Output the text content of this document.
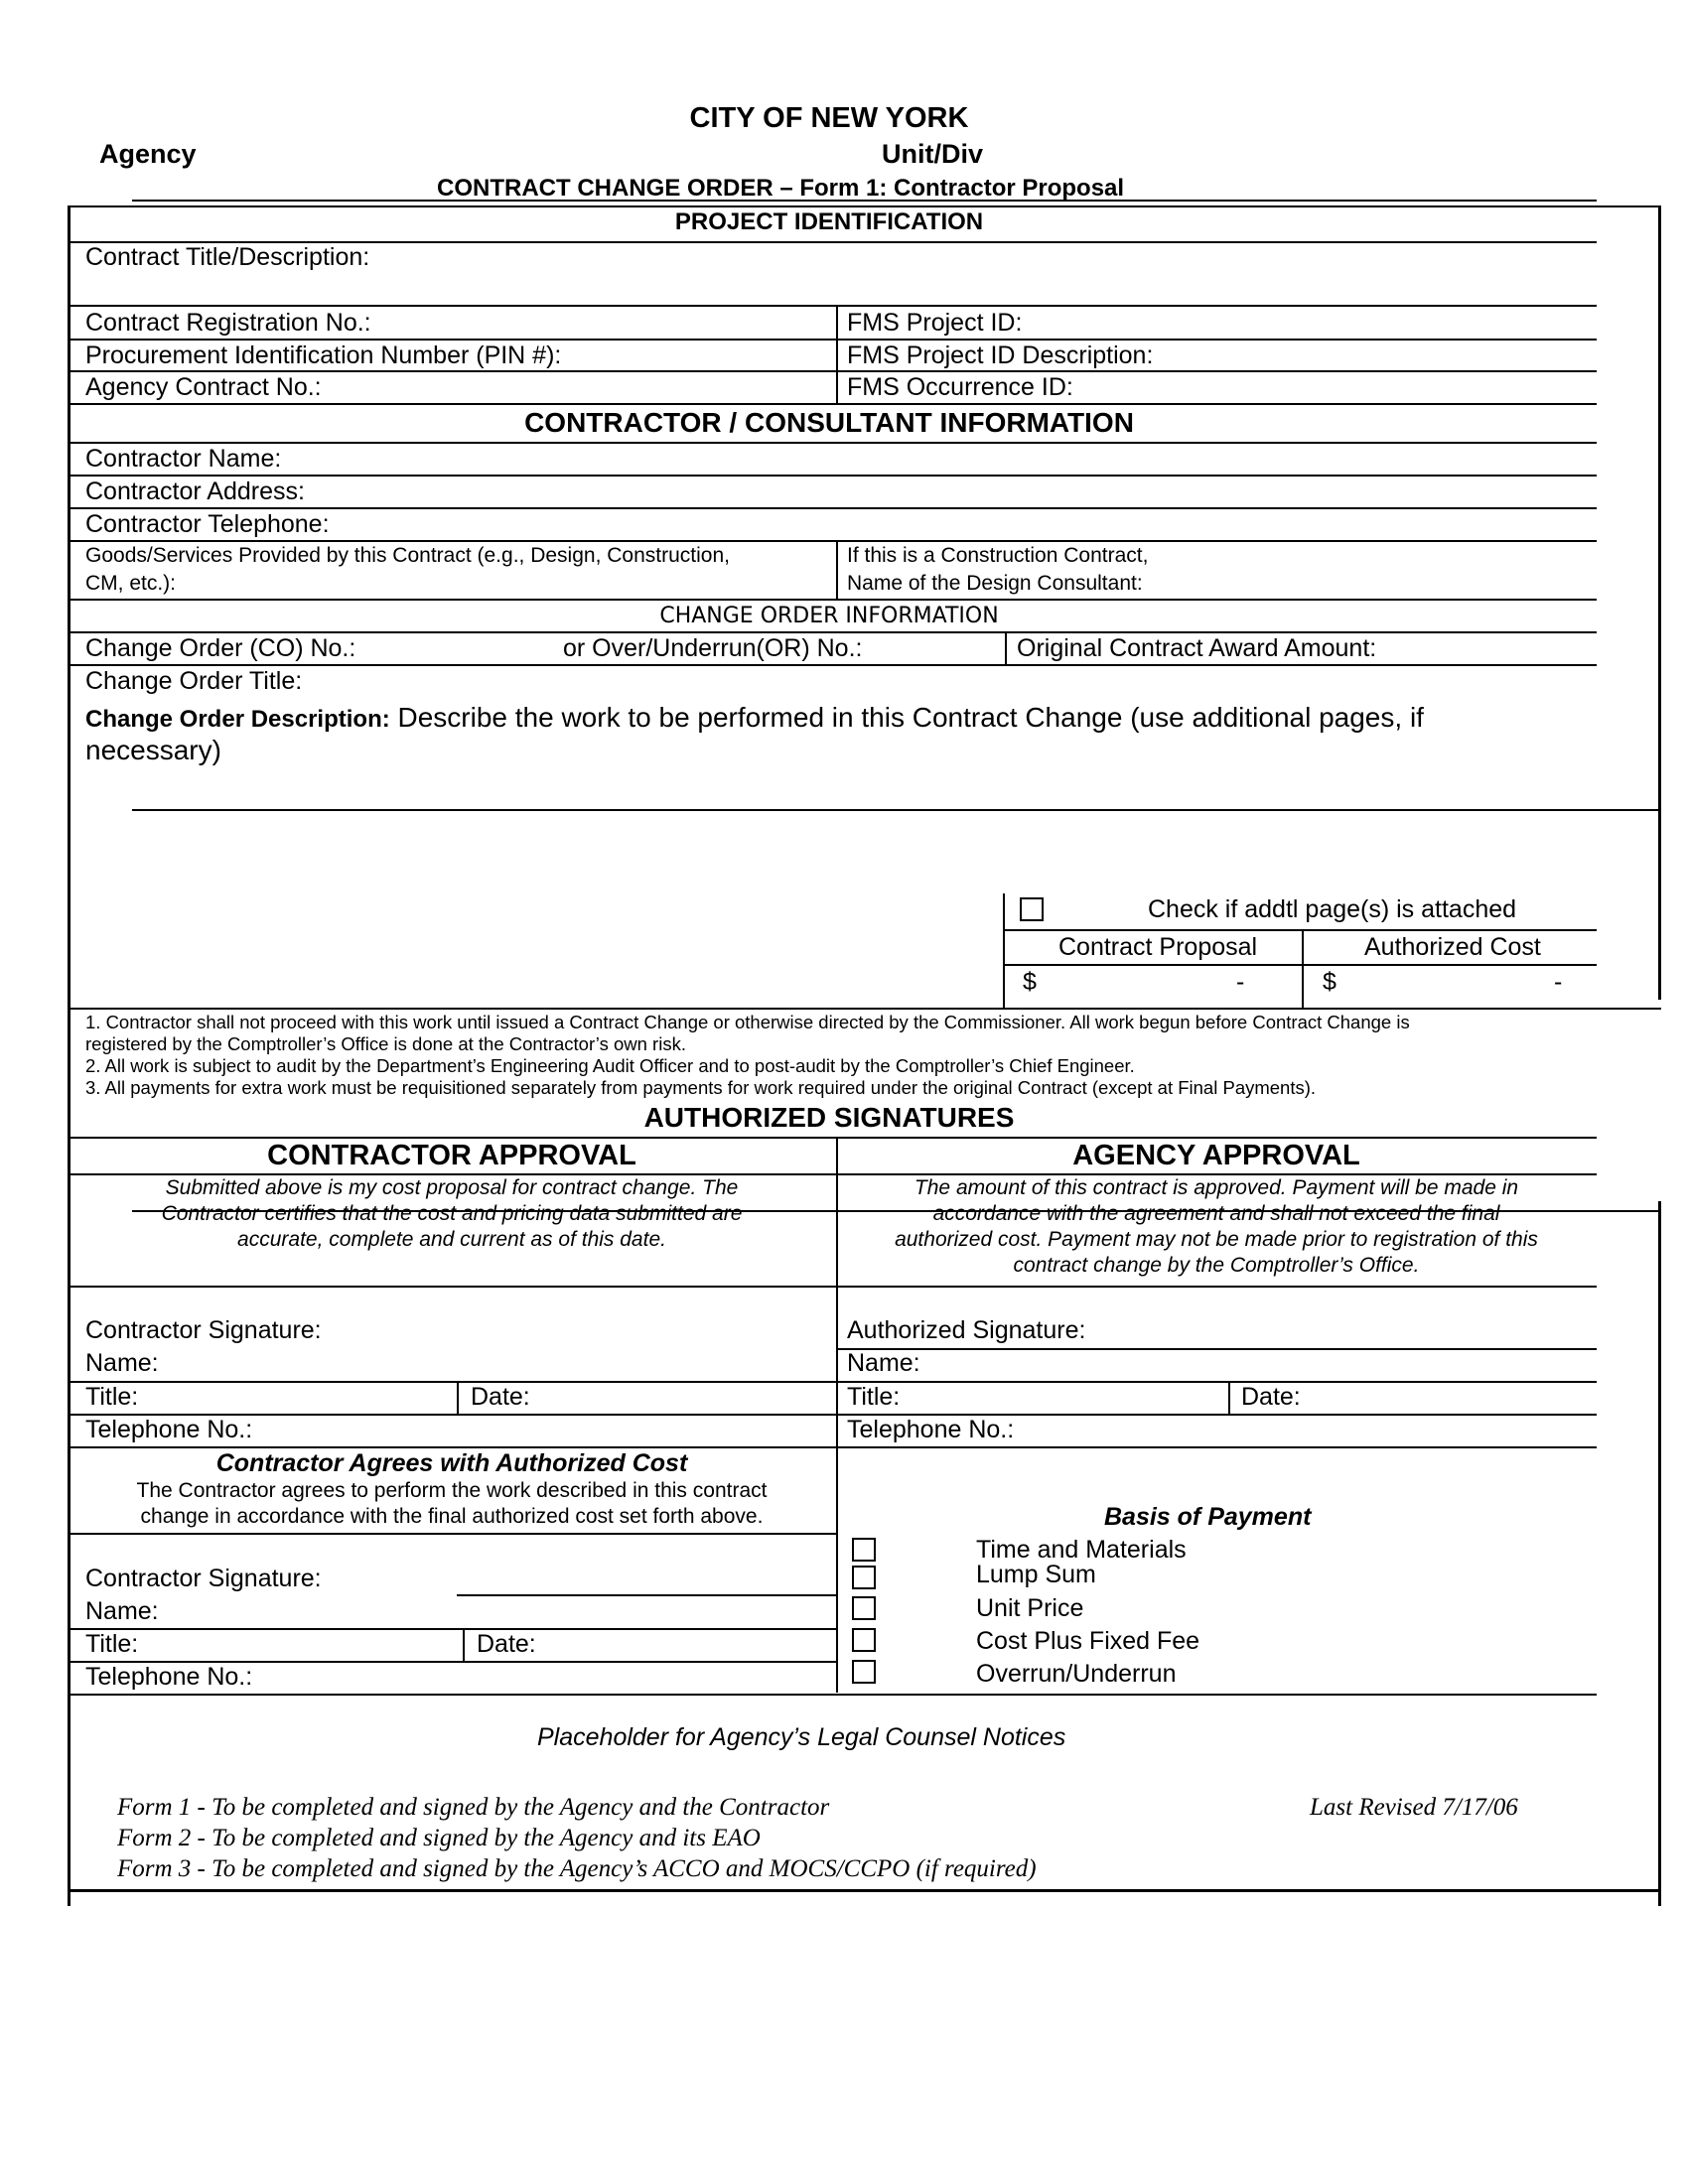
CITY OF NEW YORK
Agency	Unit/Div
CONTRACT CHANGE ORDER – Form 1: Contractor Proposal
PROJECT IDENTIFICATION
Contract Title/Description:
Contract Registration No.:	FMS Project ID:
Procurement Identification Number (PIN #):	FMS Project ID Description:
Agency Contract No.:	FMS Occurrence ID:
CONTRACTOR / CONSULTANT INFORMATION
Contractor Name:
Contractor Address:
Contractor Telephone:
Goods/Services Provided by this Contract (e.g., Design, Construction,
CM, etc.):
If this is a Construction Contract,
Name of the Design Consultant:
CHANGE ORDER INFORMATION
Change Order (CO) No.:	or Over/Underrun(OR) No.:	Original Contract Award Amount:
Change Order Title:
Change Order Description: Describe the work to be performed in this Contract Change (use additional pages, if
necessary)
Check if addtl page(s) is attached
Contract Proposal	Authorized Cost
$	-	$	-
1. Contractor shall not proceed with this work until issued a Contract Change or otherwise directed by the Commissioner. All work begun before Contract Change is
registered by the Comptroller’s Office is done at the Contractor’s own risk.
2. All work is subject to audit by the Department’s Engineering Audit Officer and to post-audit by the Comptroller’s Chief Engineer.
3. All payments for extra work must be requisitioned separately from payments for work required under the original Contract (except at Final Payments).
AUTHORIZED SIGNATURES
CONTRACTOR APPROVAL	AGENCY APPROVAL
Submitted above is my cost proposal for contract change. The
Contractor certifies that the cost and pricing data submitted are
accurate, complete and current as of this date.
The amount of this contract is approved. Payment will be made in
accordance with the agreement and shall not exceed the final
authorized cost. Payment may not be made prior to registration of this
contract change by the Comptroller’s Office.
Contractor Signature:	Authorized Signature:
Name:	Name:
Title:	Date:	Title:	Date:
Telephone No.:	Telephone No.:
Contractor Agrees with Authorized Cost
The Contractor agrees to perform the work described in this contract
change in accordance with the final authorized cost set forth above.
Contractor Signature:
Name:
Title:	Date:
Telephone No.:
Basis of Payment
Time and Materials
Lump Sum
Unit Price
Cost Plus Fixed Fee
Overrun/Underrun
Placeholder for Agency’s Legal Counsel Notices
Form 1 - To be completed and signed by the Agency and the Contractor	Last Revised 7/17/06
Form 2 - To be completed and signed by the Agency and its EAO
Form 3 - To be completed and signed by the Agency’s ACCO and MOCS/CCPO (if required)
